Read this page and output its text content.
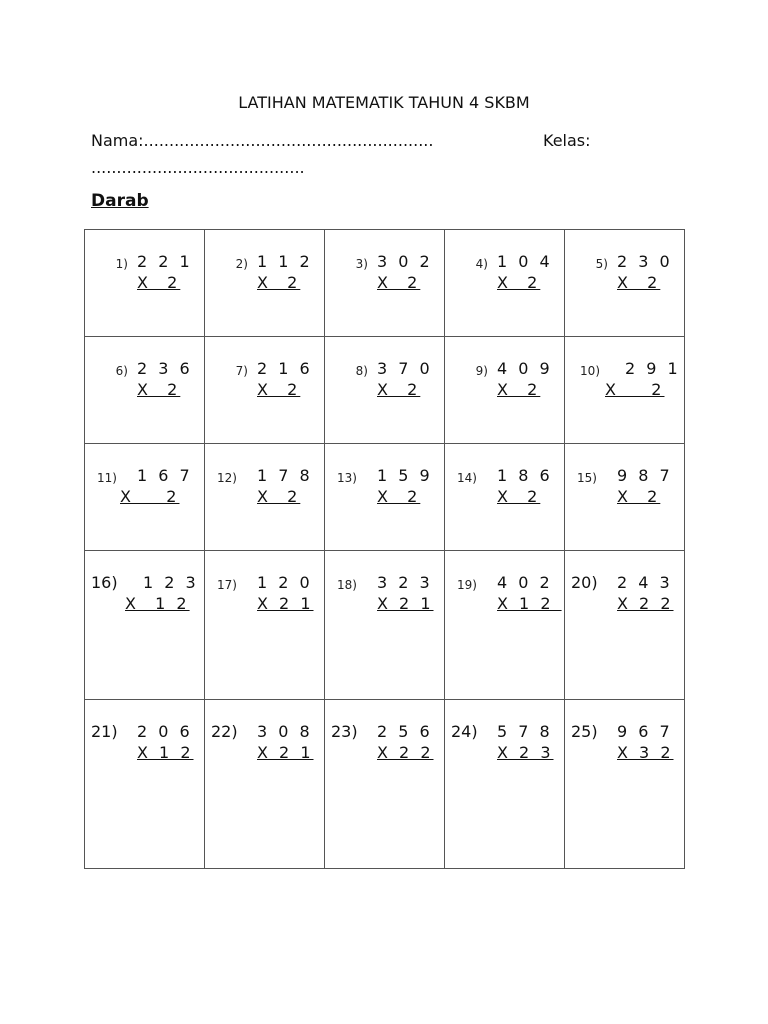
LATIHAN MATEMATIK TAHUN 4 SKBM
Nama:.........................................................	Kelas:
..........................................
Darab
1) 2 2 1
X  2	2) 1 1 2
X  2	3) 3 0 2
X  2	4) 1 0 4
X  2	5) 2 3 0
X  2

6) 2 3 6
X  2	7) 2 1 6
X  2	8) 3 7 0
X  2	9) 4 0 9
X  2	10) 2 9 1
X    2

11) 1 6 7
X    2	12) 1 7 8
X  2	13) 1 5 9
X  2	14) 1 8 6
X  2	15) 9 8 7
X  2

16) 1 2 3
X  1 2	17) 1 2 0
X 2 1	18) 3 2 3
X 2 1	19) 4 0 2
X 1 2	20) 2 4 3
X 2 2

21) 2 0 6
X 1 2	22) 3 0 8
X 2 1	23) 2 5 6
X 2 2	24) 5 7 8
X 2 3	25) 9 6 7
X 3 2
